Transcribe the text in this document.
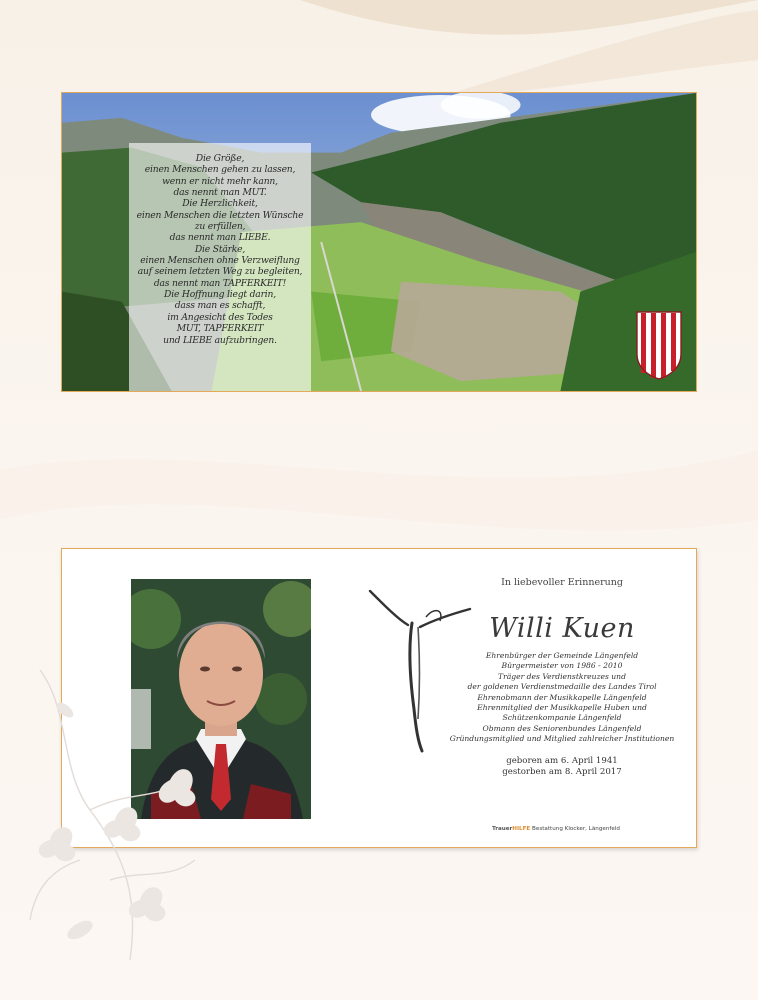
Die Größe,
einen Menschen gehen zu lassen,
wenn er nicht mehr kann,
das nennt man MUT.
Die Herzlichkeit,
einen Menschen die letzten Wünsche
zu erfüllen,
das nennt man LIEBE.
Die Stärke,
einen Menschen ohne Verzweiflung
auf seinem letzten Weg zu begleiten,
das nennt man TAPFERKEIT!
Die Hoffnung liegt darin,
dass man es schafft,
im Angesicht des Todes
MUT, TAPFERKEIT
und LIEBE aufzubringen.
In liebevoller Erinnerung
Willi Kuen
Ehrenbürger der Gemeinde Längenfeld
Bürgermeister von 1986 - 2010
Träger des Verdienstkreuzes und
der goldenen Verdienstmedaille des Landes Tirol
Ehrenobmann der Musikkapelle Längenfeld
Ehrenmitglied der Musikkapelle Huben und
Schützenkompanie Längenfeld
Obmann des Seniorenbundes Längenfeld
Gründungsmitglied und Mitglied zahlreicher Institutionen
geboren am 6. April 1941
gestorben am 8. April 2017
TrauerHILFE Bestattung Klocker, Längenfeld
